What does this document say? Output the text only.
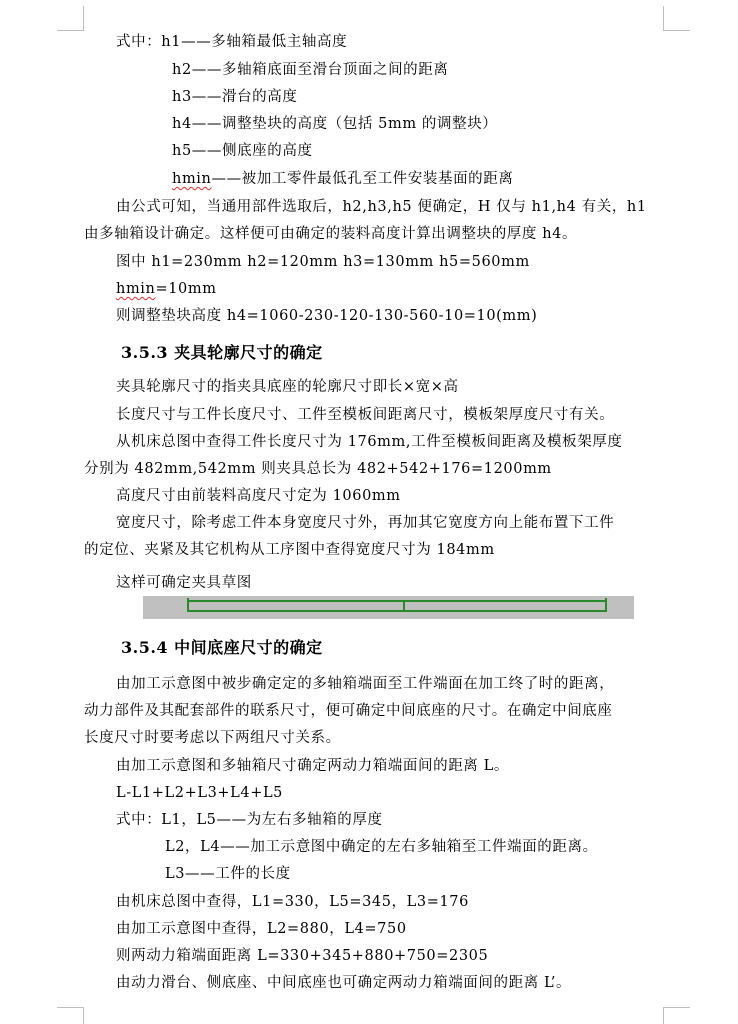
式中：h1——多轴箱最低主轴高度
h2——多轴箱底面至滑台顶面之间的距离
h3——滑台的高度
h4——调整垫块的高度（包括 5mm 的调整块）
h5——侧底座的高度
hmin——被加工零件最低孔至工件安装基面的距离
由公式可知，当通用部件选取后，h2,h3,h5 便确定，H 仅与 h1,h4 有关，h1
由多轴箱设计确定。这样便可由确定的装料高度计算出调整块的厚度 h4。
图中 h1=230mm h2=120mm h3=130mm h5=560mm
hmin=10mm
则调整垫块高度 h4=1060-230-120-130-560-10=10(mm)
3.5.3 夹具轮廓尺寸的确定
夹具轮廓尺寸的指夹具底座的轮廓尺寸即长×宽×高
长度尺寸与工件长度尺寸、工件至模板间距离尺寸，模板架厚度尺寸有关。
从机床总图中查得工件长度尺寸为 176mm,工件至模板间距离及模板架厚度
分别为 482mm,542mm 则夹具总长为 482+542+176=1200mm
高度尺寸由前装料高度尺寸定为 1060mm
宽度尺寸，除考虑工件本身宽度尺寸外，再加其它宽度方向上能布置下工件
的定位、夹紧及其它机构从工序图中查得宽度尺寸为 184mm
这样可确定夹具草图
3.5.4 中间底座尺寸的确定
由加工示意图中被步确定定的多轴箱端面至工件端面在加工终了时的距离，
动力部件及其配套部件的联系尺寸，便可确定中间底座的尺寸。在确定中间底座
长度尺寸时要考虑以下两组尺寸关系。
由加工示意图和多轴箱尺寸确定两动力箱端面间的距离 L。
L-L1+L2+L3+L4+L5
式中：L1，L5——为左右多轴箱的厚度
L2，L4——加工示意图中确定的左右多轴箱至工件端面的距离。
L3——工件的长度
由机床总图中查得，L1=330，L5=345，L3=176
由加工示意图中查得，L2=880，L4=750
则两动力箱端面距离 L=330+345+880+750=2305
由动力滑台、侧底座、中间底座也可确定两动力箱端面间的距离 L’。
